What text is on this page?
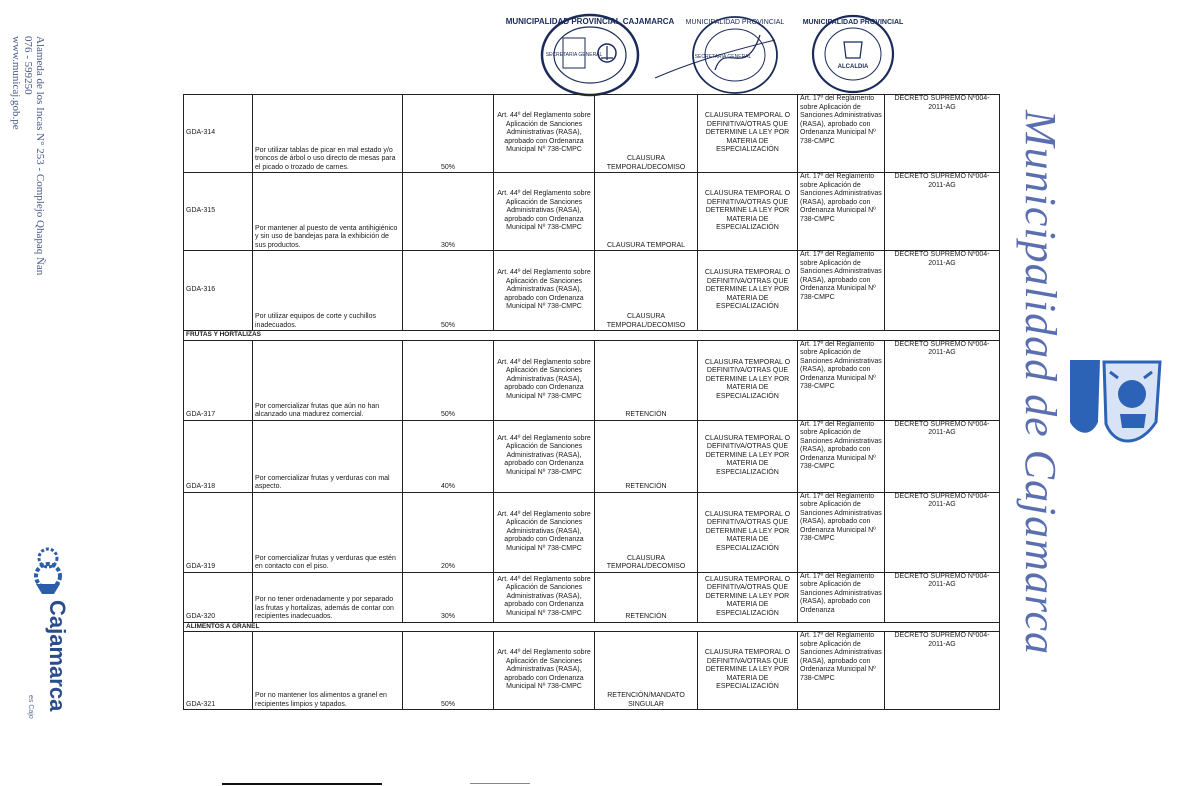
Alameda de los Incas N° 253 - Complejo Qhapaq Ñan
076 - 599250
www.municaj.gob.pe
Cajamarca
es Cajo
MUNICIPALIDAD PROVINCIAL CAJAMARCA
SECRETARIA GENERAL
MUNICIPALIDAD PROVINCIAL
SECRETARIA GENERAL
MUNICIPALIDAD PROVINCIAL
ALCALDIA
Municipalidad de Cajamarca
GDA-314	Por utilizar tablas de picar en mal estado y/o troncos de árbol o uso directo de mesas para el picado o trozado de carnes.	50%	Art. 44º del Reglamento sobre Aplicación de Sanciones Administrativas (RASA), aprobado con Ordenanza Municipal Nº 738-CMPC	CLAUSURA TEMPORAL/DECOMISO	CLAUSURA TEMPORAL O DEFINITIVA/OTRAS QUE DETERMINE LA LEY POR MATERIA DE ESPECIALIZACIÓN	Art. 17º del Reglamento sobre Aplicación de Sanciones Administrativas (RASA), aprobado con Ordenanza Municipal Nº 738-CMPC	DECRETO SUPREMO Nº004-2011-AG
GDA-315	Por mantener al puesto de venta antihigiénico y sin uso de bandejas para la exhibición de sus productos.	30%	Art. 44º del Reglamento sobre Aplicación de Sanciones Administrativas (RASA), aprobado con Ordenanza Municipal Nº 738-CMPC	CLAUSURA TEMPORAL	CLAUSURA TEMPORAL O DEFINITIVA/OTRAS QUE DETERMINE LA LEY POR MATERIA DE ESPECIALIZACIÓN	Art. 17º del Reglamento sobre Aplicación de Sanciones Administrativas (RASA), aprobado con Ordenanza Municipal Nº 738-CMPC	DECRETO SUPREMO Nº004-2011-AG
GDA-316	Por utilizar equipos de corte y cuchillos inadecuados.	50%	Art. 44º del Reglamento sobre Aplicación de Sanciones Administrativas (RASA), aprobado con Ordenanza Municipal Nº 738-CMPC	CLAUSURA TEMPORAL/DECOMISO	CLAUSURA TEMPORAL O DEFINITIVA/OTRAS QUE DETERMINE LA LEY POR MATERIA DE ESPECIALIZACIÓN	Art. 17º del Reglamento sobre Aplicación de Sanciones Administrativas (RASA), aprobado con Ordenanza Municipal Nº 738-CMPC	DECRETO SUPREMO Nº004-2011-AG
FRUTAS Y HORTALIZAS							
GDA-317	Por comercializar frutas que aún no han alcanzado una madurez comercial.	50%	Art. 44º del Reglamento sobre Aplicación de Sanciones Administrativas (RASA), aprobado con Ordenanza Municipal Nº 738-CMPC	RETENCIÓN	CLAUSURA TEMPORAL O DEFINITIVA/OTRAS QUE DETERMINE LA LEY POR MATERIA DE ESPECIALIZACIÓN	Art. 17º del Reglamento sobre Aplicación de Sanciones Administrativas (RASA), aprobado con Ordenanza Municipal Nº 738-CMPC	DECRETO SUPREMO Nº004-2011-AG
GDA-318	Por comercializar frutas y verduras con mal aspecto.	40%	Art. 44º del Reglamento sobre Aplicación de Sanciones Administrativas (RASA), aprobado con Ordenanza Municipal Nº 738-CMPC	RETENCIÓN	CLAUSURA TEMPORAL O DEFINITIVA/OTRAS QUE DETERMINE LA LEY POR MATERIA DE ESPECIALIZACIÓN	Art. 17º del Reglamento sobre Aplicación de Sanciones Administrativas (RASA), aprobado con Ordenanza Municipal Nº 738-CMPC	DECRETO SUPREMO Nº004-2011-AG
GDA-319	Por comercializar frutas y verduras que estén en contacto con el piso.	20%	Art. 44º del Reglamento sobre Aplicación de Sanciones Administrativas (RASA), aprobado con Ordenanza Municipal Nº 738-CMPC	CLAUSURA TEMPORAL/DECOMISO	CLAUSURA TEMPORAL O DEFINITIVA/OTRAS QUE DETERMINE LA LEY POR MATERIA DE ESPECIALIZACIÓN	Art. 17º del Reglamento sobre Aplicación de Sanciones Administrativas (RASA), aprobado con Ordenanza Municipal Nº 738-CMPC	DECRETO SUPREMO Nº004-2011-AG
GDA-320	Por no tener ordenadamente y por separado las frutas y hortalizas, además de contar con recipientes inadecuados.	30%	Art. 44º del Reglamento sobre Aplicación de Sanciones Administrativas (RASA), aprobado con Ordenanza Municipal Nº 738-CMPC	RETENCIÓN	CLAUSURA TEMPORAL O DEFINITIVA/OTRAS QUE DETERMINE LA LEY POR MATERIA DE ESPECIALIZACIÓN	Art. 17º del Reglamento sobre Aplicación de Sanciones Administrativas (RASA), aprobado con Ordenanza	DECRETO SUPREMO Nº004-2011-AG
ALIMENTOS A GRANEL							
GDA-321	Por no mantener los alimentos a granel en recipientes limpios y tapados.	50%	Art. 44º del Reglamento sobre Aplicación de Sanciones Administrativas (RASA), aprobado con Ordenanza Municipal Nº 738-CMPC	RETENCIÓN/MANDATO SINGULAR	CLAUSURA TEMPORAL O DEFINITIVA/OTRAS QUE DETERMINE LA LEY POR MATERIA DE ESPECIALIZACIÓN	Art. 17º del Reglamento sobre Aplicación de Sanciones Administrativas (RASA), aprobado con Ordenanza Municipal Nº 738-CMPC	DECRETO SUPREMO Nº004-2011-AG
